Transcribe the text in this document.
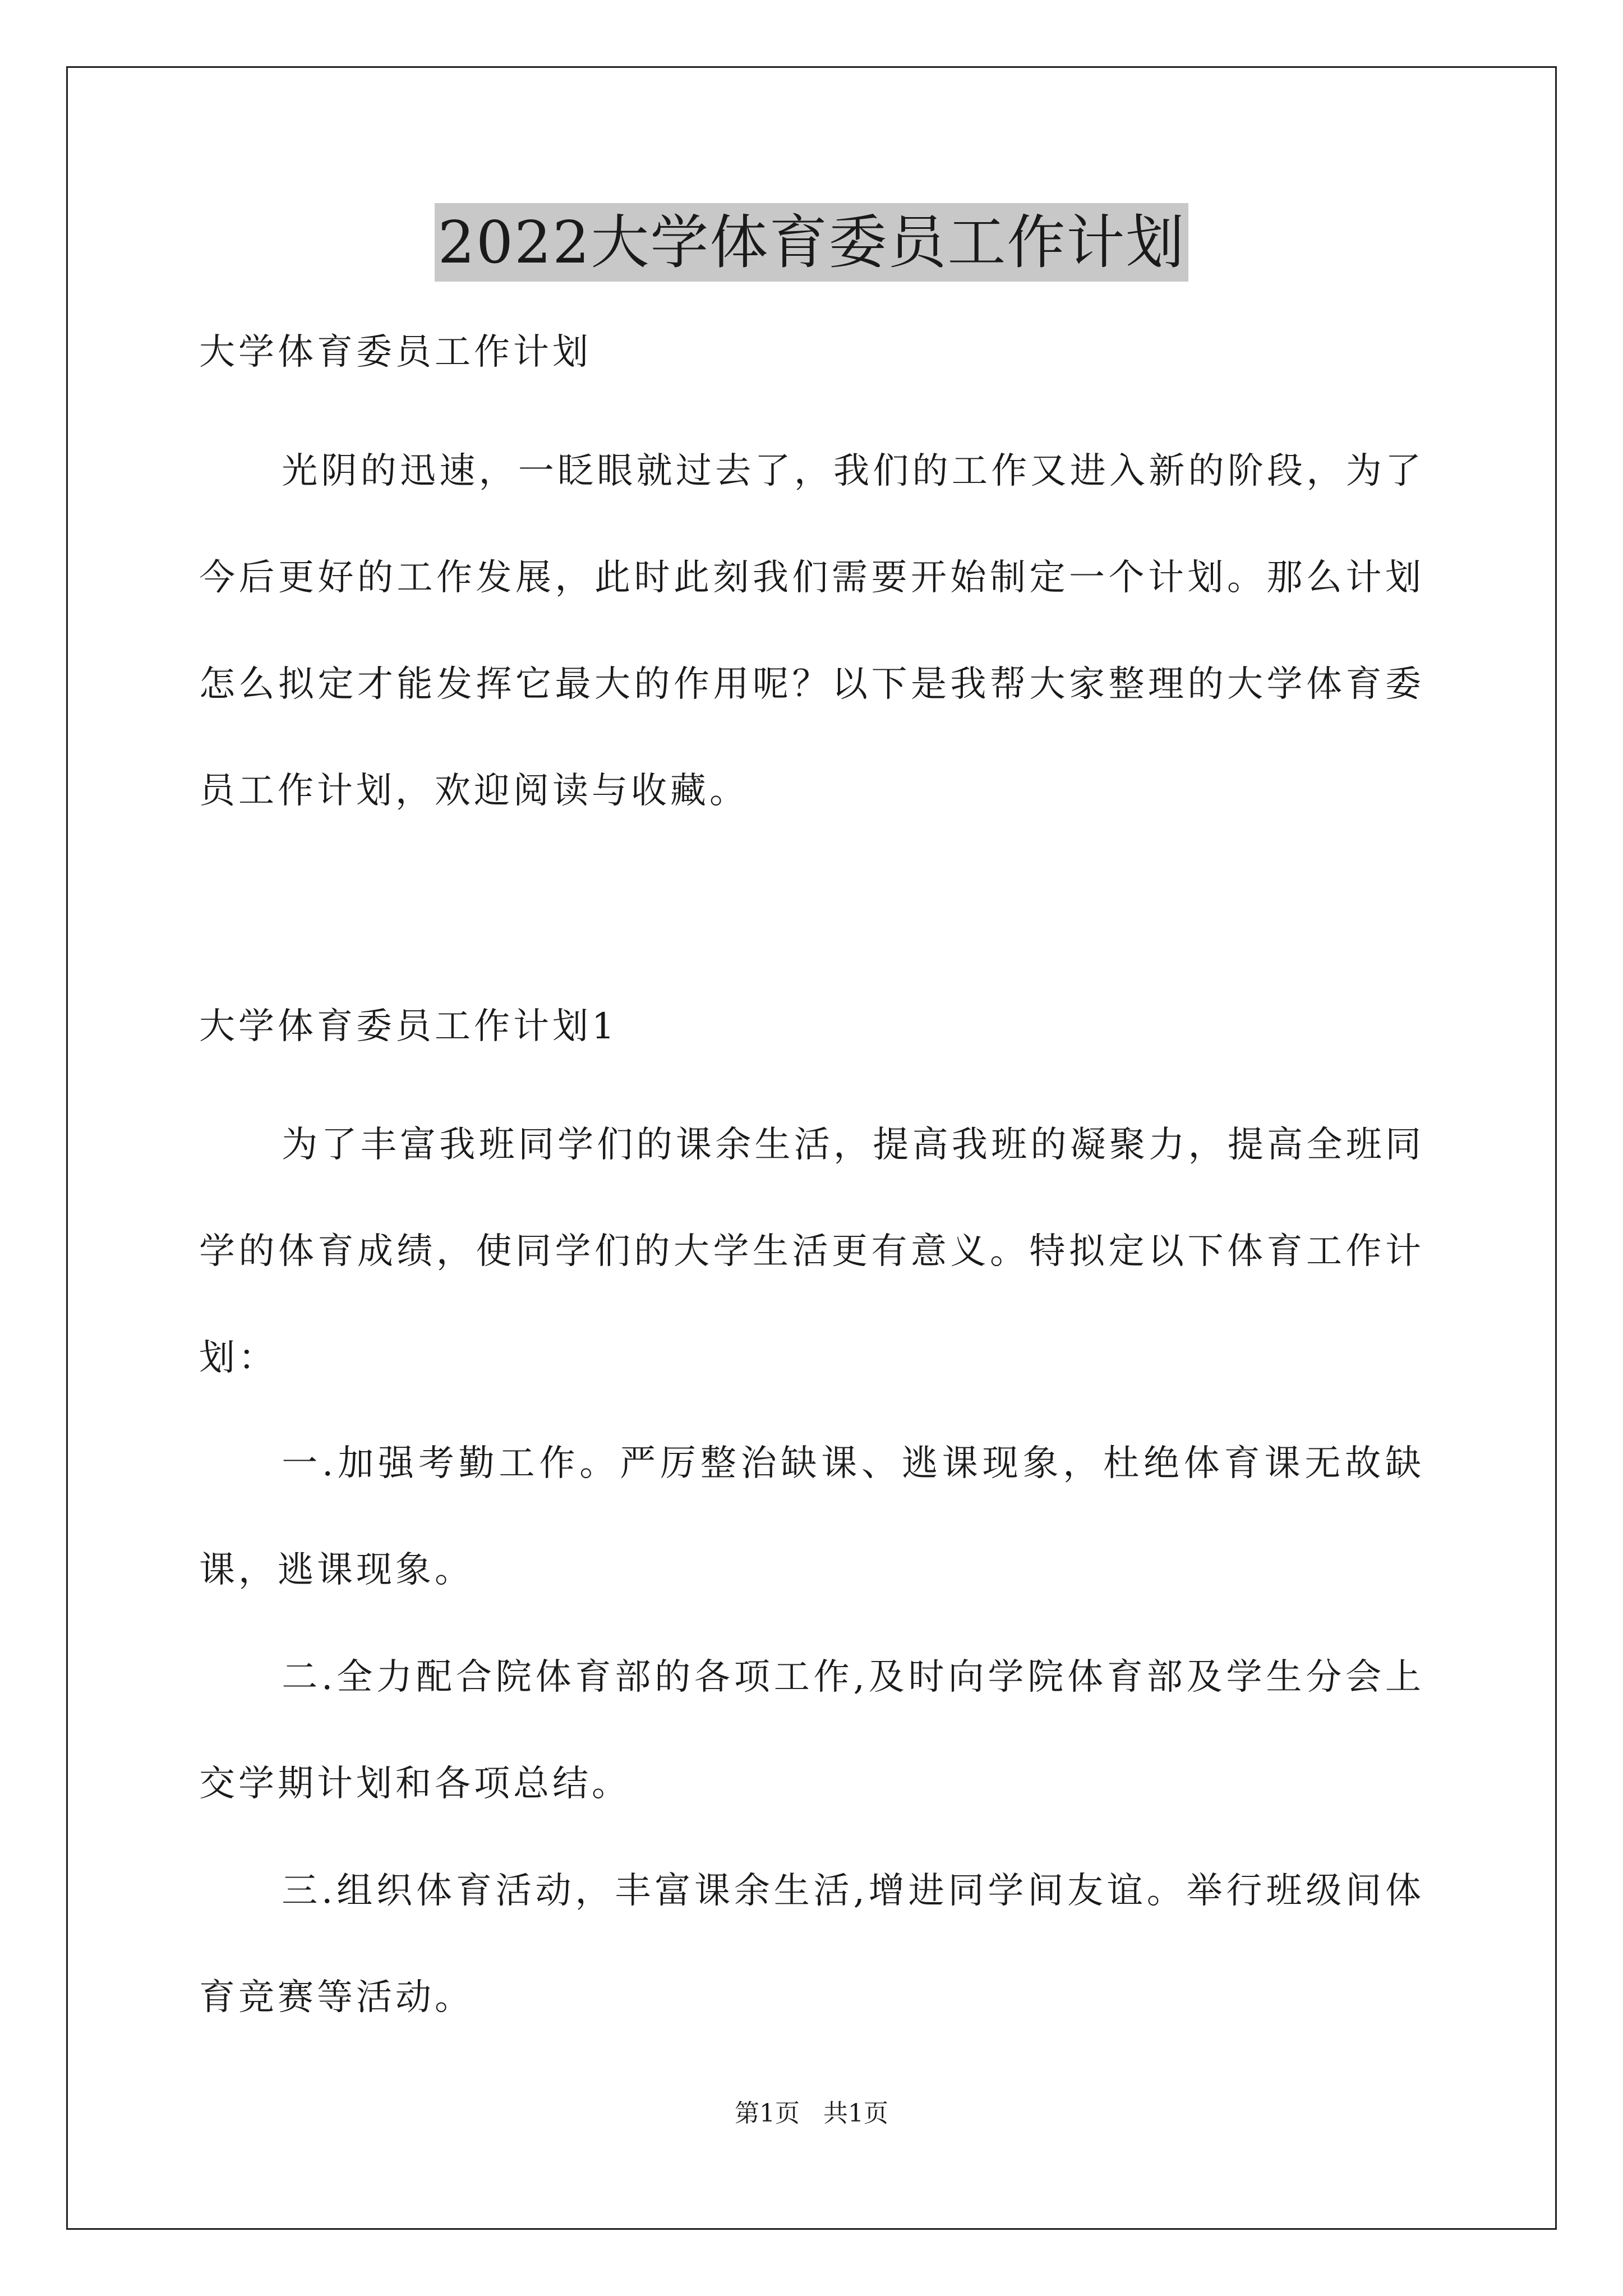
2022大学体育委员工作计划
大学体育委员工作计划
光阴的迅速，一眨眼就过去了，我们的工作又进入新的阶段，为了今后更好的工作发展，此时此刻我们需要开始制定一个计划。那么计划怎么拟定才能发挥它最大的作用呢？以下是我帮大家整理的大学体育委员工作计划，欢迎阅读与收藏。
大学体育委员工作计划1
为了丰富我班同学们的课余生活，提高我班的凝聚力，提高全班同学的体育成绩，使同学们的大学生活更有意义。特拟定以下体育工作计划：
一.加强考勤工作。严厉整治缺课、逃课现象，杜绝体育课无故缺课，逃课现象。
二.全力配合院体育部的各项工作,及时向学院体育部及学生分会上交学期计划和各项总结。
三.组织体育活动，丰富课余生活,增进同学间友谊。举行班级间体育竞赛等活动。
第1页 共1页
